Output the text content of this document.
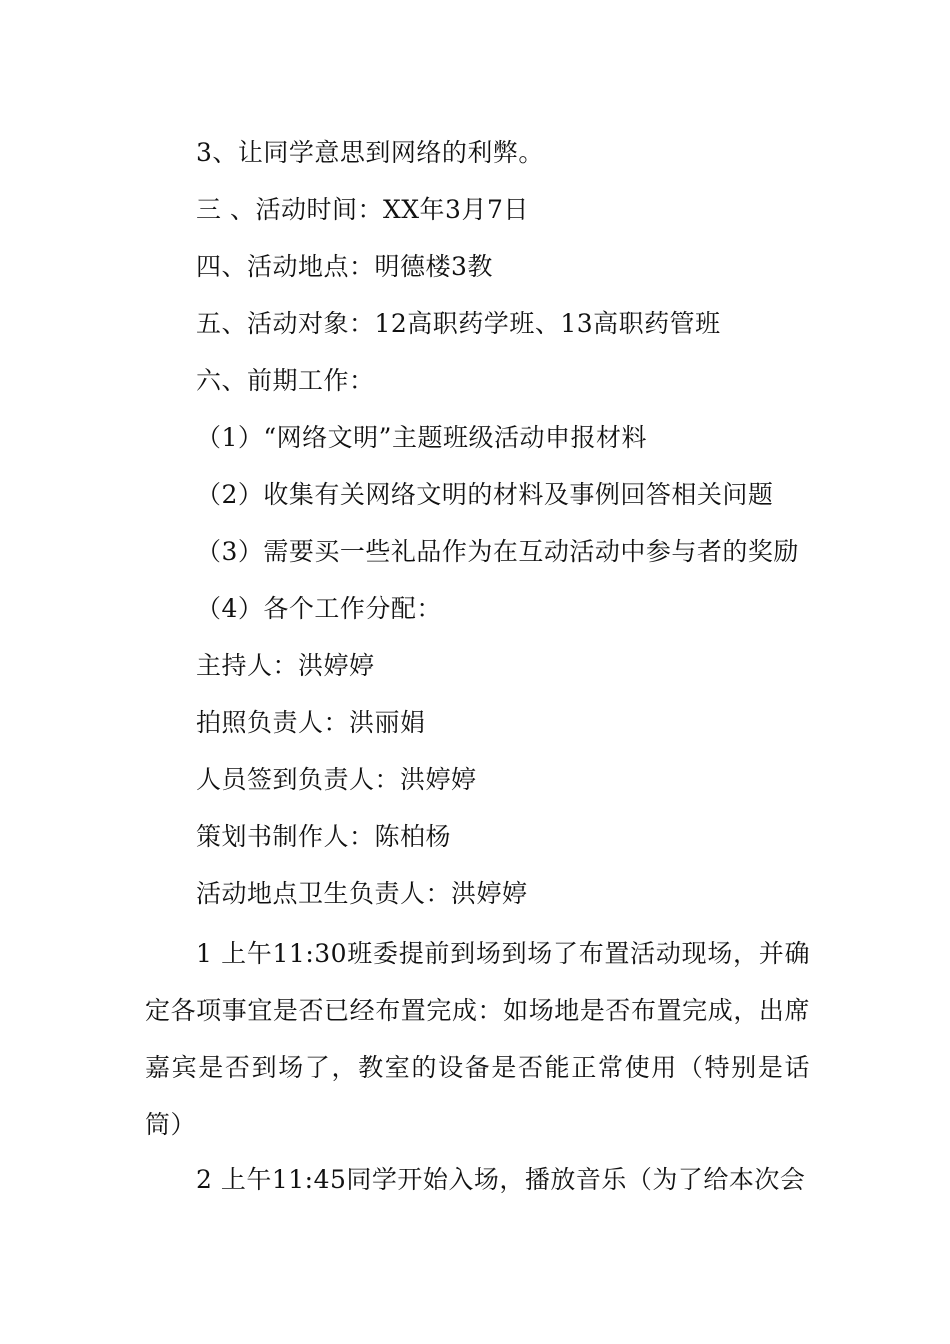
3、让同学意思到网络的利弊。
三 、活动时间：XX年3月7日
四、活动地点：明德楼3教
五、活动对象：12高职药学班、13高职药管班
六、前期工作：
（1）“网络文明”主题班级活动申报材料
（2）收集有关网络文明的材料及事例回答相关问题
（3）需要买一些礼品作为在互动活动中参与者的奖励
（4）各个工作分配：
主持人：洪婷婷
拍照负责人：洪丽娟
人员签到负责人：洪婷婷
策划书制作人：陈柏杨
活动地点卫生负责人：洪婷婷
1 上午11:30班委提前到场到场了布置活动现场，并确定各项事宜是否已经布置完成：如场地是否布置完成，出席嘉宾是否到场了，教室的设备是否能正常使用（特别是话筒）
2 上午11:45同学开始入场，播放音乐（为了给本次会
